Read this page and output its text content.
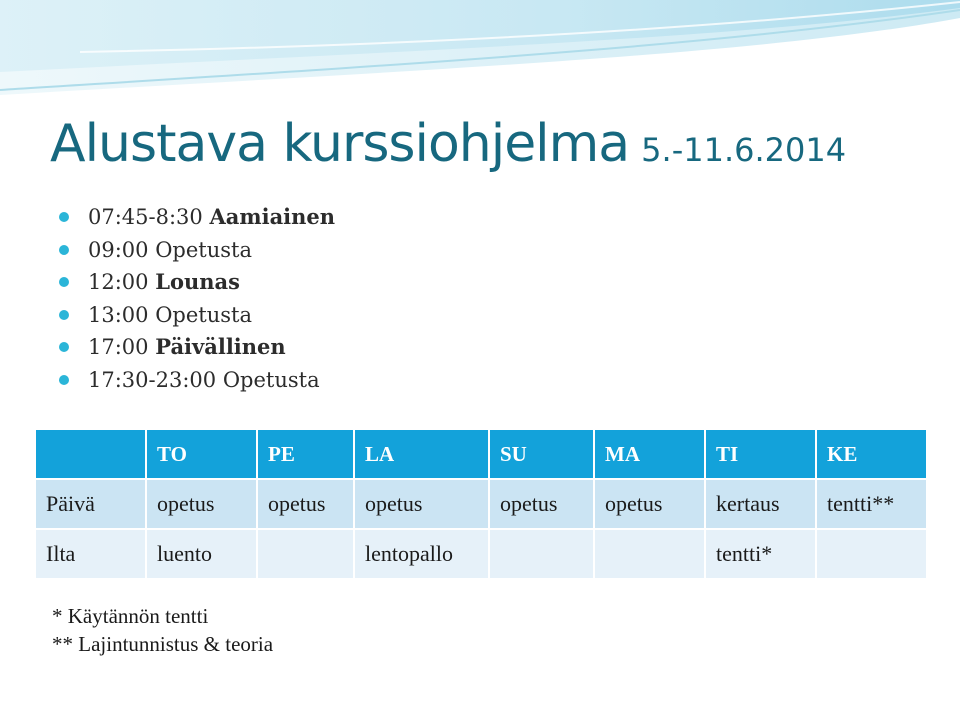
Alustava kurssiohjelma 5.-11.6.2014
07:45-8:30 Aamiainen
09:00 Opetusta
12:00 Lounas
13:00 Opetusta
17:00 Päivällinen
17:30-23:00 Opetusta
	TO	PE	LA	SU	MA	TI	KE
Päivä	opetus	opetus	opetus	opetus	opetus	kertaus	tentti**
Ilta	luento		lentopallo			tentti*	
* Käytännön tentti
** Lajintunnistus & teoria
